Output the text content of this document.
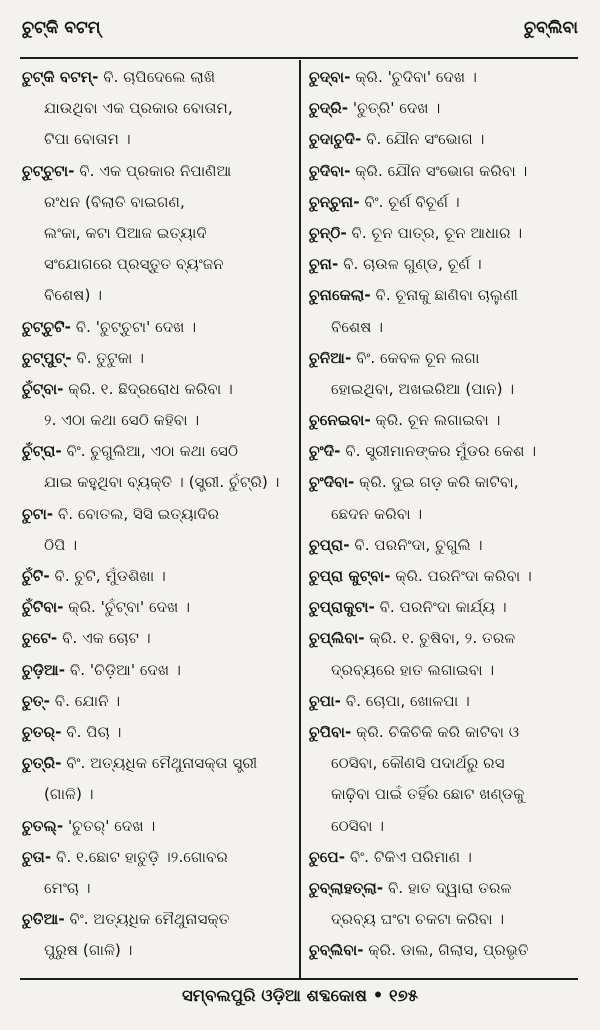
ଚୁଟ୍‌କି ବଟମ୍	ଚୁବ୍‌ଲିବା
ଚୁଟ୍‌କି ବଟମ୍- ବି. ଚାପିଦେଲେ ଲାଖି
ଯାଉଥିବା ଏକ ପ୍ରକାର ବୋତାମ,
ଟିପା ବୋତାମ ।
ଚୁଟ୍‌ଚୁଟା- ବି. ଏକ ପ୍ରକାର ନିପାଣିଆ
ରଂଧନ (ବିଲାତି ବାଇଗଣ,
ଲଂକା, କଟା ପିଆଜ ଇତ୍ୟାଦି
ସଂଯୋଗରେ ପ୍ରସ୍ତୁତ ବ୍ୟଂଜନ
ବିଶେଷ) ।
ଚୁଟ୍‌ଚୁଟି- ବି. 'ଚୁଟ୍‌ଚୁଟା' ଦେଖ ।
ଚୁଟ୍‌ପୁଟ୍- ବି. ତୁଟୁକା ।
ଚୁଁଟ୍‌ବା- କ୍ରି. ୧. ଛିଦ୍ରରୋଧ କରିବା ।
୨. ଏଠା କଥା ସେଠି କହିବା ।
ଚୁଁଟ୍‌ରା- ବିଂ. ଚୁଗୁଲିଆ, ଏଠା କଥା ସେଠି
ଯାଇ କହୁଥିବା ବ୍ୟକ୍ତି । (ସ୍ତ୍ରୀ. ଚୁଁଟ୍‌ରି) ।
ଚୁଟା- ବି. ବୋତଲ, ସିସି ଇତ୍ୟାଦିର
ଠିପି ।
ଚୁଁଟି- ବି. ଚୁଟି, ମୁଁଡଶିଖା ।
ଚୁଁଟିବା- କ୍ରି. 'ଚୁଁଟ୍‌ବା' ଦେଖ ।
ଚୁଟେ- ବି. ଏକ ଚୋଟ ।
ଚୁଡ଼ିଆ- ବି. 'ଚିଡ଼ିଆ' ଦେଖ ।
ଚୁତ୍- ବି. ଯୋନି ।
ଚୁତର୍- ବି. ପିଚା ।
ଚୁତ୍‌ରି- ବିଂ. ଅତ୍ୟଧିକ ମୈଥୁନାସକ୍ତା ସ୍ତ୍ରୀ
(ଗାଳି) ।
ଚୁତଲ୍- 'ଚୁତର୍' ଦେଖ ।
ଚୁତା- ବି. ୧.ଛୋଟ ହାତୁଡ଼ି ।୨.ଗୋବର
ମେଂଚା ।
ଚୁତିଆ- ବିଂ. ଅତ୍ୟଧିକ ମୈଥୁନାସକ୍ତ
ପୁରୁଷ (ଗାଳି) ।
ଚୁଦ୍‌ବା- କ୍ରି. 'ଚୁଦିବା' ଦେଖ ।
ଚୁଦ୍‌ରି- 'ଚୁତ୍‌ରି' ଦେଖ ।
ଚୁଦାଚୁଦି- ବି. ଯୌନ ସଂଭୋଗ ।
ଚୁଦିବା- କ୍ରି. ଯୌନ ସଂଭୋଗ କରିବା ।
ଚୁନ୍‌ଚୁନା- ବିଂ. ଚୂର୍ଣ ବିଚୂର୍ଣ ।
ଚୁନ୍‌ଠି- ବି. ଚୂନ ପାତ୍ର, ଚୂନ ଆଧାର ।
ଚୁନା- ବି. ଚାଉଳ ଗୁଣ୍ଡ, ଚୂର୍ଣ ।
ଚୁନାକେଲା- ବି. ଚୂନାକୁ ଛାଣିବା ଚାଲୁଣୀ
ବିଶେଷ ।
ଚୁନିଆ- ବିଂ. କେବଳ ଚୂନ ଲଗା
ହୋଇଥିବା, ଅଖଇରିଆ (ପାନ) ।
ଚୁନେଇବା- କ୍ରି. ଚୂନ ଲଗାଇବା ।
ଚୁଂଦି- ବି. ସ୍ତ୍ରୀମାନଙ୍କର ମୁଁଡର କେଶ ।
ଚୁଂଦିବା- କ୍ରି. ଦୁଇ ଗଡ଼ କରି କାଟିବା,
ଛେଦନ କରିବା ।
ଚୁପ୍‌ରା- ବି. ପରନିଂଦା, ଚୁଗୁଲି ।
ଚୁପ୍‌ରା କୁଟ୍‌ବା- କ୍ରି. ପରନିଂଦା କରିବା ।
ଚୁପ୍‌ରାକୁଟା- ବି. ପରନିଂଦା କାର୍ଯ୍ୟ ।
ଚୁପ୍‌ଲିବା- କ୍ରି. ୧. ଚୁଷିବା, ୨. ତରଳ
ଦ୍ରବ୍ୟରେ ହାତ ଲଗାଇବା ।
ଚୁପା- ବି. ଚୋପା, ଖୋଳପା ।
ଚୁପିବା- କ୍ରି. ଚିକିଚିକି କରି କାଟିବା ଓ
ଠେସିବା, କୌଣସି ପଦାର୍ଥରୁ ରସ
କାଢ଼ିବା ପାଇଁ ତହିଁର ଛୋଟ ଖଣ୍ଡକୁ
ଠେସିବା ।
ଚୁପେ- ବିଂ. ଟିକିଏ ପରିମାଣ ।
ଚୁବ୍‌ଲାହତ୍‌ଲା- ବି. ହାତ ଦ୍ୱାରା ତରଳ
ଦ୍ରବ୍ୟ ଘଂଟା ଚକଟା କରିବା ।
ଚୁବ୍‌ଲିବା- କ୍ରି. ଡାଲ, ଗିଲାସ, ପ୍ରଭୃତି
ସମ୍ବଲପୁରି ଓଡ଼ିଆ ଶବ୍ଦକୋଷ • ୧୭୫
